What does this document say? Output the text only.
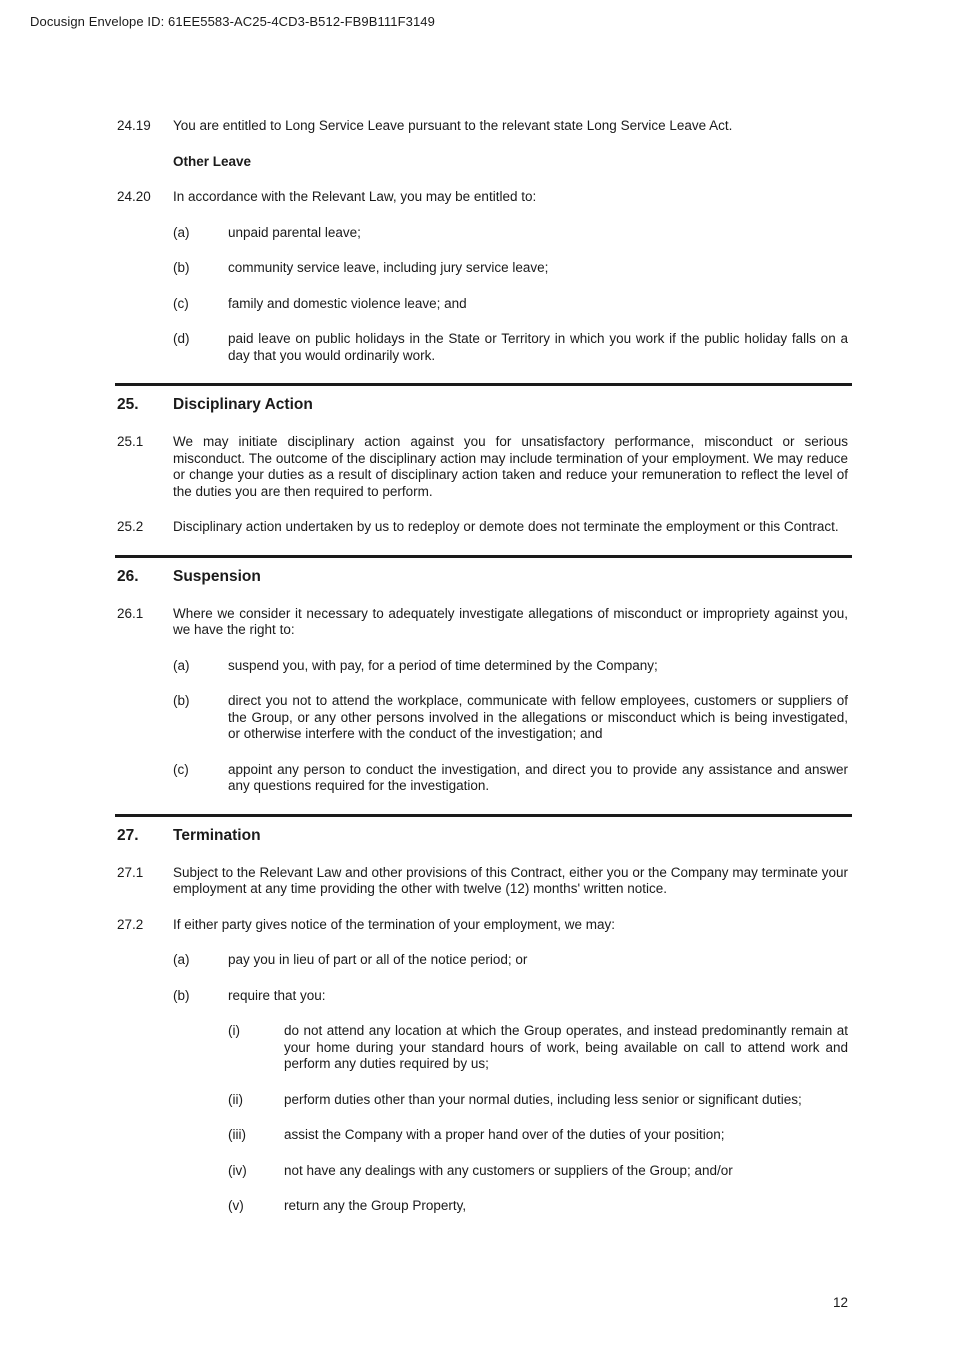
Docusign Envelope ID: 61EE5583-AC25-4CD3-B512-FB9B111F3149
24.19	You are entitled to Long Service Leave pursuant to the relevant state Long Service Leave Act.
Other Leave
24.20	In accordance with the Relevant Law, you may be entitled to:
(a)	unpaid parental leave;
(b)	community service leave, including jury service leave;
(c)	family and domestic violence leave; and
(d)	paid leave on public holidays in the State or Territory in which you work if the public holiday falls on a day that you would ordinarily work.
25.	Disciplinary Action
25.1	We may initiate disciplinary action against you for unsatisfactory performance, misconduct or serious misconduct. The outcome of the disciplinary action may include termination of your employment. We may reduce or change your duties as a result of disciplinary action taken and reduce your remuneration to reflect the level of the duties you are then required to perform.
25.2	Disciplinary action undertaken by us to redeploy or demote does not terminate the employment or this Contract.
26.	Suspension
26.1	Where we consider it necessary to adequately investigate allegations of misconduct or impropriety against you, we have the right to:
(a)	suspend you, with pay, for a period of time determined by the Company;
(b)	direct you not to attend the workplace, communicate with fellow employees, customers or suppliers of the Group, or any other persons involved in the allegations or misconduct which is being investigated, or otherwise interfere with the conduct of the investigation; and
(c)	appoint any person to conduct the investigation, and direct you to provide any assistance and answer any questions required for the investigation.
27.	Termination
27.1	Subject to the Relevant Law and other provisions of this Contract, either you or the Company may terminate your employment at any time providing the other with twelve (12) months' written notice.
27.2	If either party gives notice of the termination of your employment, we may:
(a)	pay you in lieu of part or all of the notice period; or
(b)	require that you:
(i)	do not attend any location at which the Group operates, and instead predominantly remain at your home during your standard hours of work, being available on call to attend work and perform any duties required by us;
(ii)	perform duties other than your normal duties, including less senior or significant duties;
(iii)	assist the Company with a proper hand over of the duties of your position;
(iv)	not have any dealings with any customers or suppliers of the Group; and/or
(v)	return any the Group Property,
12
